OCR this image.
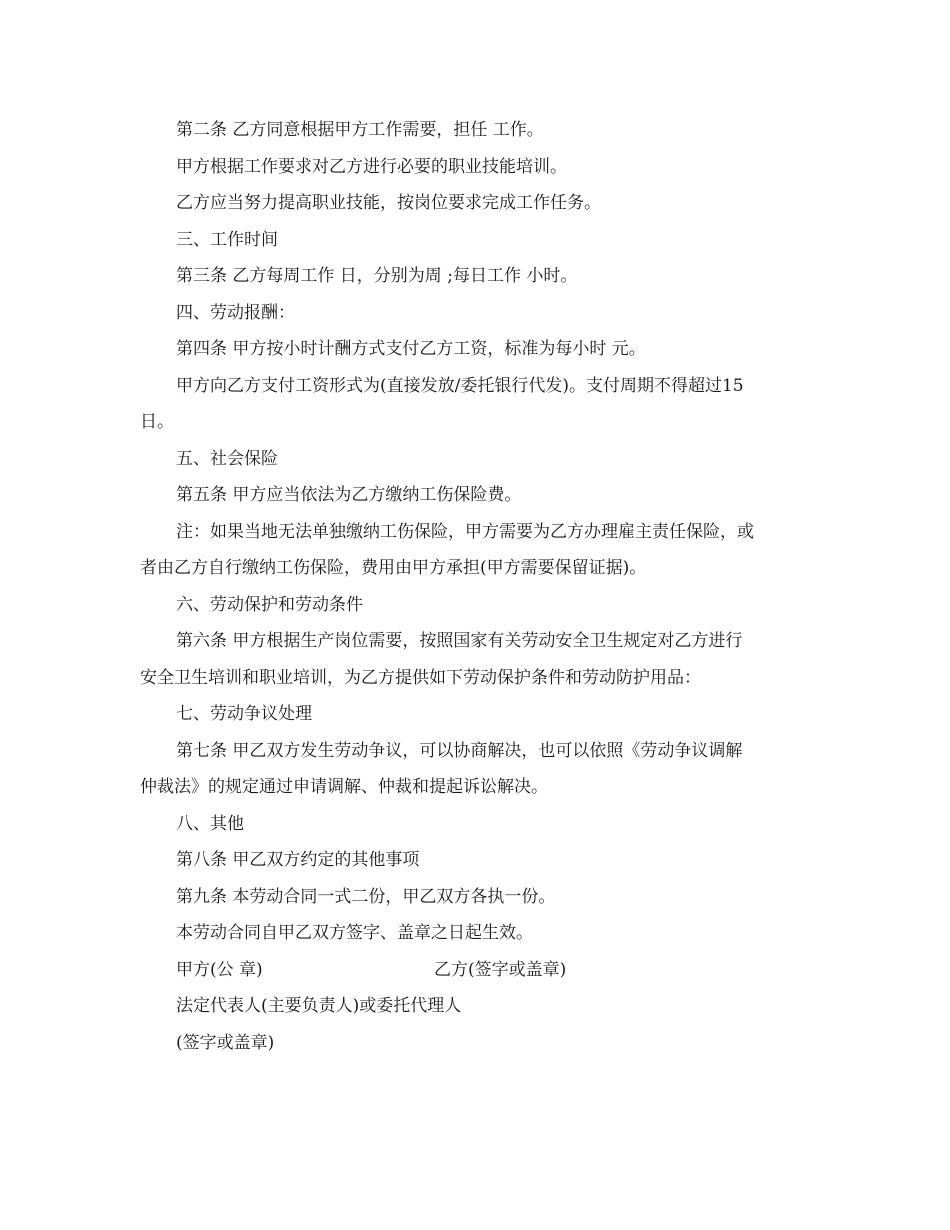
第二条 乙方同意根据甲方工作需要，担任 工作。

甲方根据工作要求对乙方进行必要的职业技能培训。

乙方应当努力提高职业技能，按岗位要求完成工作任务。

三、工作时间

第三条 乙方每周工作 日，分别为周 ;每日工作 小时。

四、劳动报酬：

第四条 甲方按小时计酬方式支付乙方工资，标准为每小时 元。

甲方向乙方支付工资形式为(直接发放/委托银行代发)。支付周期不得超过15

日。

五、社会保险

第五条 甲方应当依法为乙方缴纳工伤保险费。

注：如果当地无法单独缴纳工伤保险，甲方需要为乙方办理雇主责任保险，或

者由乙方自行缴纳工伤保险，费用由甲方承担(甲方需要保留证据)。

六、劳动保护和劳动条件

第六条 甲方根据生产岗位需要，按照国家有关劳动安全卫生规定对乙方进行

安全卫生培训和职业培训，为乙方提供如下劳动保护条件和劳动防护用品：

七、劳动争议处理

第七条 甲乙双方发生劳动争议，可以协商解决，也可以依照《劳动争议调解

仲裁法》的规定通过申请调解、仲裁和提起诉讼解决。

八、其他

第八条 甲乙双方约定的其他事项

第九条 本劳动合同一式二份，甲乙双方各执一份。

本劳动合同自甲乙双方签字、盖章之日起生效。

甲方(公 章)	乙方(签字或盖章)

法定代表人(主要负责人)或委托代理人

(签字或盖章)
